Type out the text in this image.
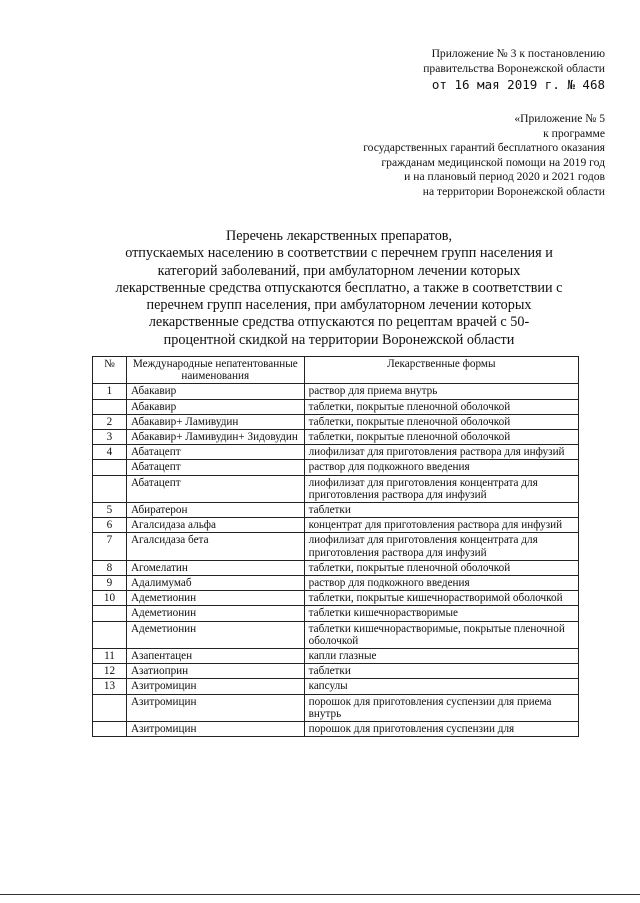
Приложение № 3 к постановлению
правительства Воронежской области
от 16 мая 2019 г. № 468
«Приложение № 5
к программе
государственных гарантий бесплатного оказания
гражданам медицинской помощи на 2019 год
и на плановый период 2020 и 2021 годов
на территории Воронежской области
Перечень лекарственных препаратов,
отпускаемых населению в соответствии с перечнем групп населения и
категорий заболеваний, при амбулаторном лечении которых
лекарственные средства отпускаются бесплатно, а также в соответствии с
перечнем групп населения, при амбулаторном лечении которых
лекарственные средства отпускаются по рецептам врачей с 50-
процентной скидкой на территории Воронежской области
№	Международные непатентованные наименования	Лекарственные формы
1	Абакавир	раствор для приема внутрь
	Абакавир	таблетки, покрытые пленочной оболочкой
2	Абакавир+ Ламивудин	таблетки, покрытые пленочной оболочкой
3	Абакавир+ Ламивудин+ Зидовудин	таблетки, покрытые пленочной оболочкой
4	Абатацепт	лиофилизат для приготовления раствора для инфузий
	Абатацепт	раствор для подкожного введения
	Абатацепт	лиофилизат для приготовления концентрата для приготовления раствора для инфузий
5	Абиратерон	таблетки
6	Агалсидаза альфа	концентрат для приготовления раствора для инфузий
7	Агалсидаза бета	лиофилизат для приготовления концентрата для приготовления раствора для инфузий
8	Агомелатин	таблетки, покрытые пленочной оболочкой
9	Адалимумаб	раствор для подкожного введения
10	Адеметионин	таблетки, покрытые кишечнорастворимой оболочкой
	Адеметионин	таблетки кишечнорастворимые
	Адеметионин	таблетки кишечнорастворимые, покрытые пленочной оболочкой
11	Азапентацен	капли глазные
12	Азатиоприн	таблетки
13	Азитромицин	капсулы
	Азитромицин	порошок для приготовления суспензии для приема внутрь
	Азитромицин	порошок для приготовления суспензии для
